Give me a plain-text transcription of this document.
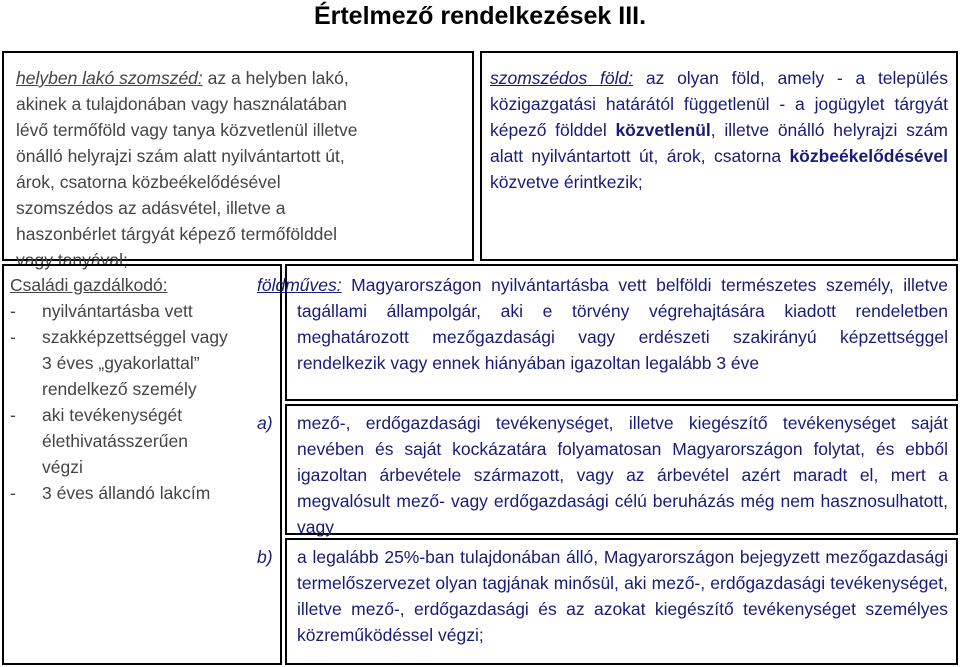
Értelmező rendelkezések III.
helyben lakó szomszéd: az a helyben lakó,
akinek a tulajdonában vagy használatában
lévő termőföld vagy tanya közvetlenül illetve
önálló helyrajzi szám alatt nyilvántartott út,
árok, csatorna közbeékelődésével
szomszédos az adásvétel, illetve a
haszonbérlet tárgyát képező termőfölddel
vagy tanyával;
szomszédos föld: az olyan föld, amely - a település közigazgatási határától függetlenül - a jogügylet tárgyát képező földdel közvetlenül, illetve önálló helyrajzi szám alatt nyilvántartott út, árok, csatorna közbeékelődésével közvetve érintkezik;
Családi gazdálkodó:
-	nyilvántartásba vett
-	szakképzettséggel vagy
3 éves „gyakorlattal”
rendelkező személy
-	aki tevékenységét
élethivatásszerűen
végzi
-	3 éves állandó lakcím
földműves: Magyarországon nyilvántartásba vett belföldi természetes személy, illetve tagállami állampolgár, aki e törvény végrehajtására kiadott rendeletben meghatározott mezőgazdasági vagy erdészeti szakirányú képzettséggel rendelkezik vagy ennek hiányában igazoltan legalább 3 éve
a) mező-, erdőgazdasági tevékenységet, illetve kiegészítő tevékenységet saját nevében és saját kockázatára folyamatosan Magyarországon folytat, és ebből igazoltan árbevétele származott, vagy az árbevétel azért maradt el, mert a megvalósult mező- vagy erdőgazdasági célú beruházás még nem hasznosulhatott, vagy
b) a legalább 25%-ban tulajdonában álló, Magyarországon bejegyzett mezőgazdasági termelőszervezet olyan tagjának minősül, aki mező-, erdőgazdasági tevékenységet, illetve mező-, erdőgazdasági és az azokat kiegészítő tevékenységet személyes közreműködéssel végzi;
